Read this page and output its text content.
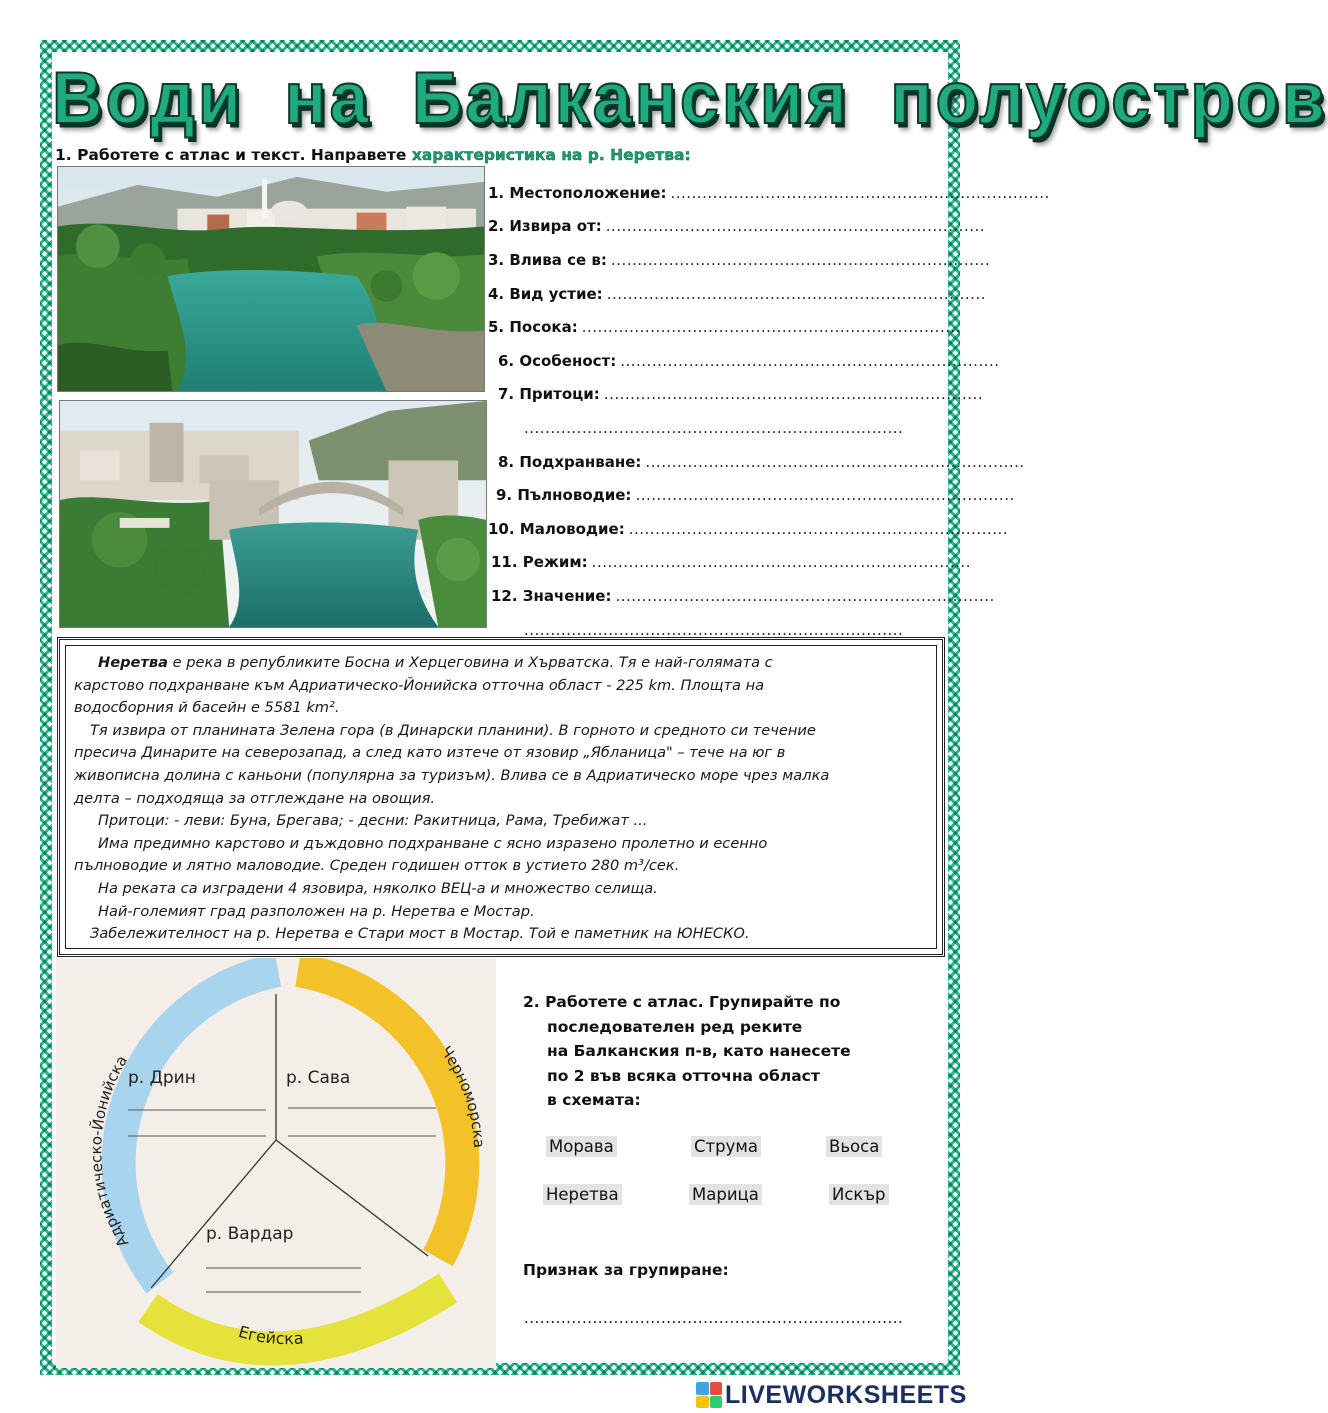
Води на Балканския полуостров
1. Работете с атлас и текст. Направете характеристика на р. Неретва:
1. Местоположение: ........................................................................
2. Извира от: ........................................................................
3. Влива се в: ........................................................................
4. Вид устие: ........................................................................
5. Посока: ........................................................................
6. Особеност: ........................................................................
7. Притоци: ........................................................................
........................................................................
8. Подхранване: ........................................................................
9. Пълноводие: ........................................................................
10. Маловодие: ........................................................................
11. Режим: ........................................................................
12. Значение: ........................................................................
........................................................................

Неретва е река в републиките Босна и Херцеговина и Хърватска. Тя е най-голямата с

карстово подхранване към Адриатическо-Йонийска отточна област - 225 km. Площта на

водосборния й басейн е 5581 km².

Тя извира от планината Зелена гора (в Динарски планини). В горното и средното си течение

пресича Динарите на северозапад, а след като изтече от язовир „Ябланица" – тече на юг в

живописна долина с каньони (популярна за туризъм). Влива се в Адриатическо море чрез малка

делта – подходяща за отглеждане на овощия.

Притоци: - леви: Буна, Брегава; - десни: Ракитница, Рама, Требижат ...

Има предимно карстово и дъждовно подхранване с ясно изразено пролетно и есенно

пълноводие и лятно маловодие. Среден годишен отток в устието 280 m³/сек.

На реката са изградени 4 язовира, няколко ВЕЦ-а и множество селища.

Най-големият град разположен на р. Неретва е Мостар.

Забележителност на р. Неретва е Стари мост в Мостар. Той е паметник на ЮНЕСКО.

р. Дрин	р. Сава
р. Вардар
Адриатическо-Йонийска	Черноморска
Егейска
2. Работете с атлас. Групирайте по
последователен ред реките
на Балканския п-в, като нанесете
по 2 във всяка отточна област
в схемата:
Морава	Струма	Вьоса
Неретва	Марица	Искър
Признак за групиране:
........................................................................
LIVEWORKSHEETS
